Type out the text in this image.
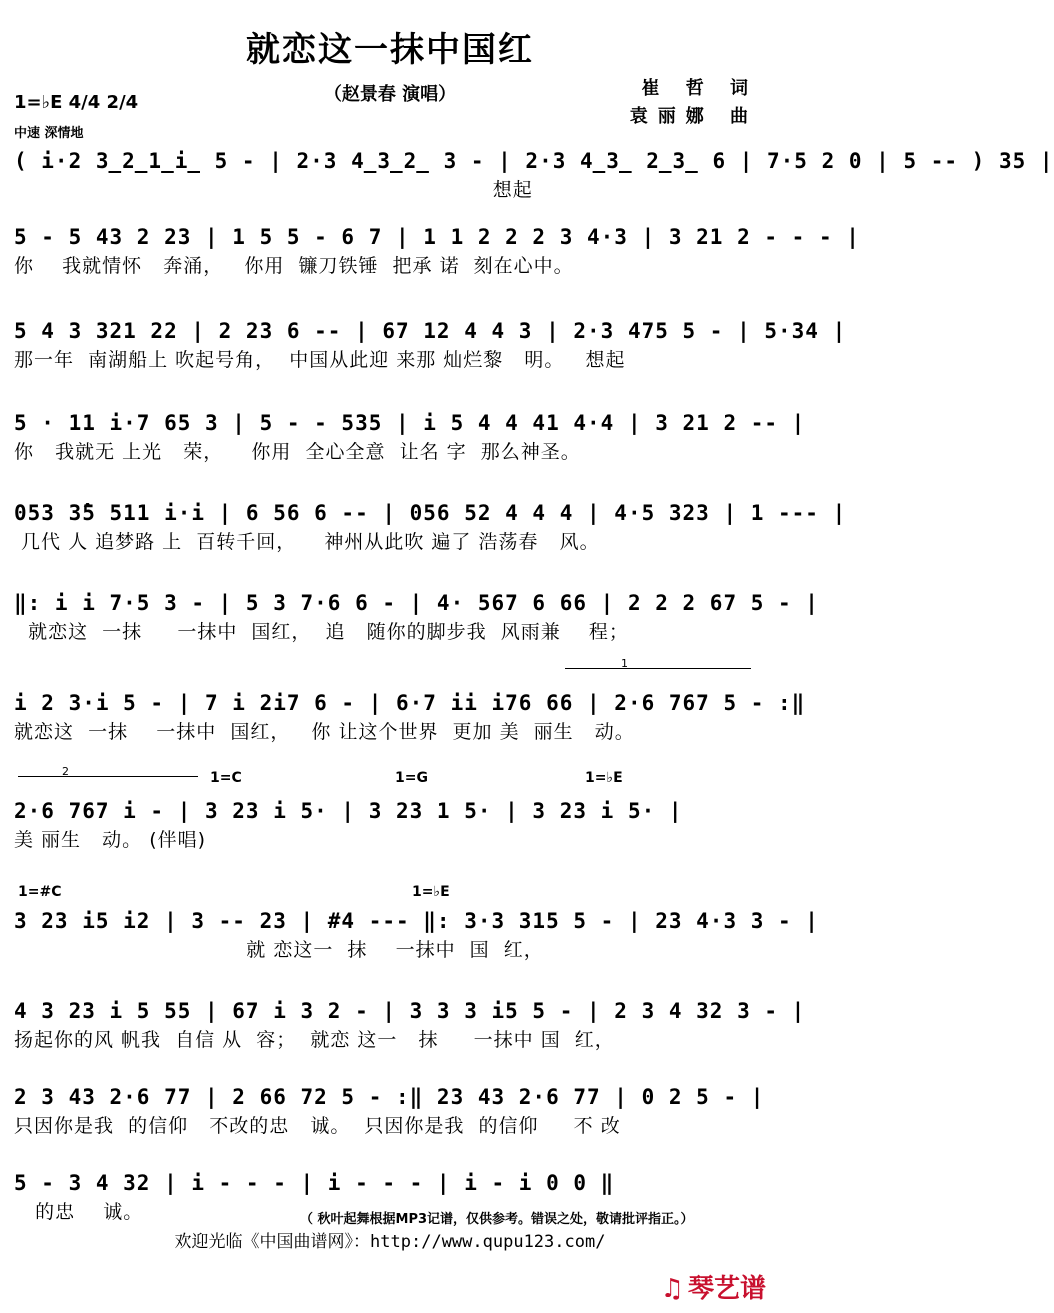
就恋这一抹中国红
（赵景春 演唱）	崔 哲 词
袁丽娜 曲
1=♭E 4/4 2/4
中速 深情地
( i·2 3̲2̲1̲i̲ 5 - | 2·3 4̲3̲2̲ 3 - | 2·3 4̲3̲ 2̲3̲ 6 | 7·5 2 0 | 5 -- ) 35 |
想起
5 - 5 43 2 23 | 1 5 5 - 6 7 | 1 1 2 2 2 3 4·3 | 3 21 2 - - - |
你    我就情怀   奔涌，   你用  镰刀铁锤  把承 诺  刻在心中。
5 4 3 321 22 | 2 23 6 -- | 67 12 4 4 3 | 2·3 475 5 - | 5·34 |
那一年  南湖船上 吹起号角，  中国从此迎 来那 灿烂黎   明。   想起
5 · 11 i·7 65 3 | 5 - - 535 | i 5 4 4 41 4·4 | 3 21 2 -- |
你   我就无 上光   荣，    你用  全心全意  让名 字  那么神圣。
053 3̂5 511 i·i | 6 56 6 -- | 056 52 4 4 4 | 4·5 323 | 1 --- |
几代 人 追梦路 上  百转千回，    神州从此吹 遍了 浩荡春   风。
‖: i i 7·5 3 - | 5 3 7·6 6 - | 4· 567 6 66 | 2 2 2 67 5 - |
就恋这  一抹     一抹中  国红，  追   随你的脚步我  风雨兼    程；
1
i 2 3·i 5 - | 7 i 2i7 6 - | 6·7 ii i76 66 | 2·6 767 5 - :‖
就恋这  一抹    一抹中  国红，   你 让这个世界  更加 美  丽生   动。
2	1=C	1=G	1=♭E
2·6 767 i - | 3 23 i 5· | 3 23 1 5· | 3 23 i 5· |
美 丽生   动。 (伴唱)
1=#C	1=♭E
3 23 i5 i2 | 3 -- 23 | #4 --- ‖: 3·3 315 5 - | 23 4·3 3 - |
就 恋这一  抹    一抹中  国  红，
4 3 23 i 5 55 | 67 i 3 2 - | 3 3 3 i5 5 - | 2 3 4 32 3 - |
扬起你的风 帆我  自信 从  容；  就恋 这一   抹     一抹中 国  红，
2 3 43 2·6 77 | 2 66 72 5 - :‖ 23 43 2·6 77 | 0 2 5 - |
只因你是我  的信仰   不改的忠   诚。  只因你是我  的信仰     不 改
5 - 3 4 32 | i - - - | i - - - | i - i 0 0 ‖
的忠    诚。	（ 秋叶起舞根据MP3记谱，仅供参考。错误之处，敬请批评指正。）
欢迎光临《中国曲谱网》：http://www.qupu123.com/
♫ 琴艺谱
